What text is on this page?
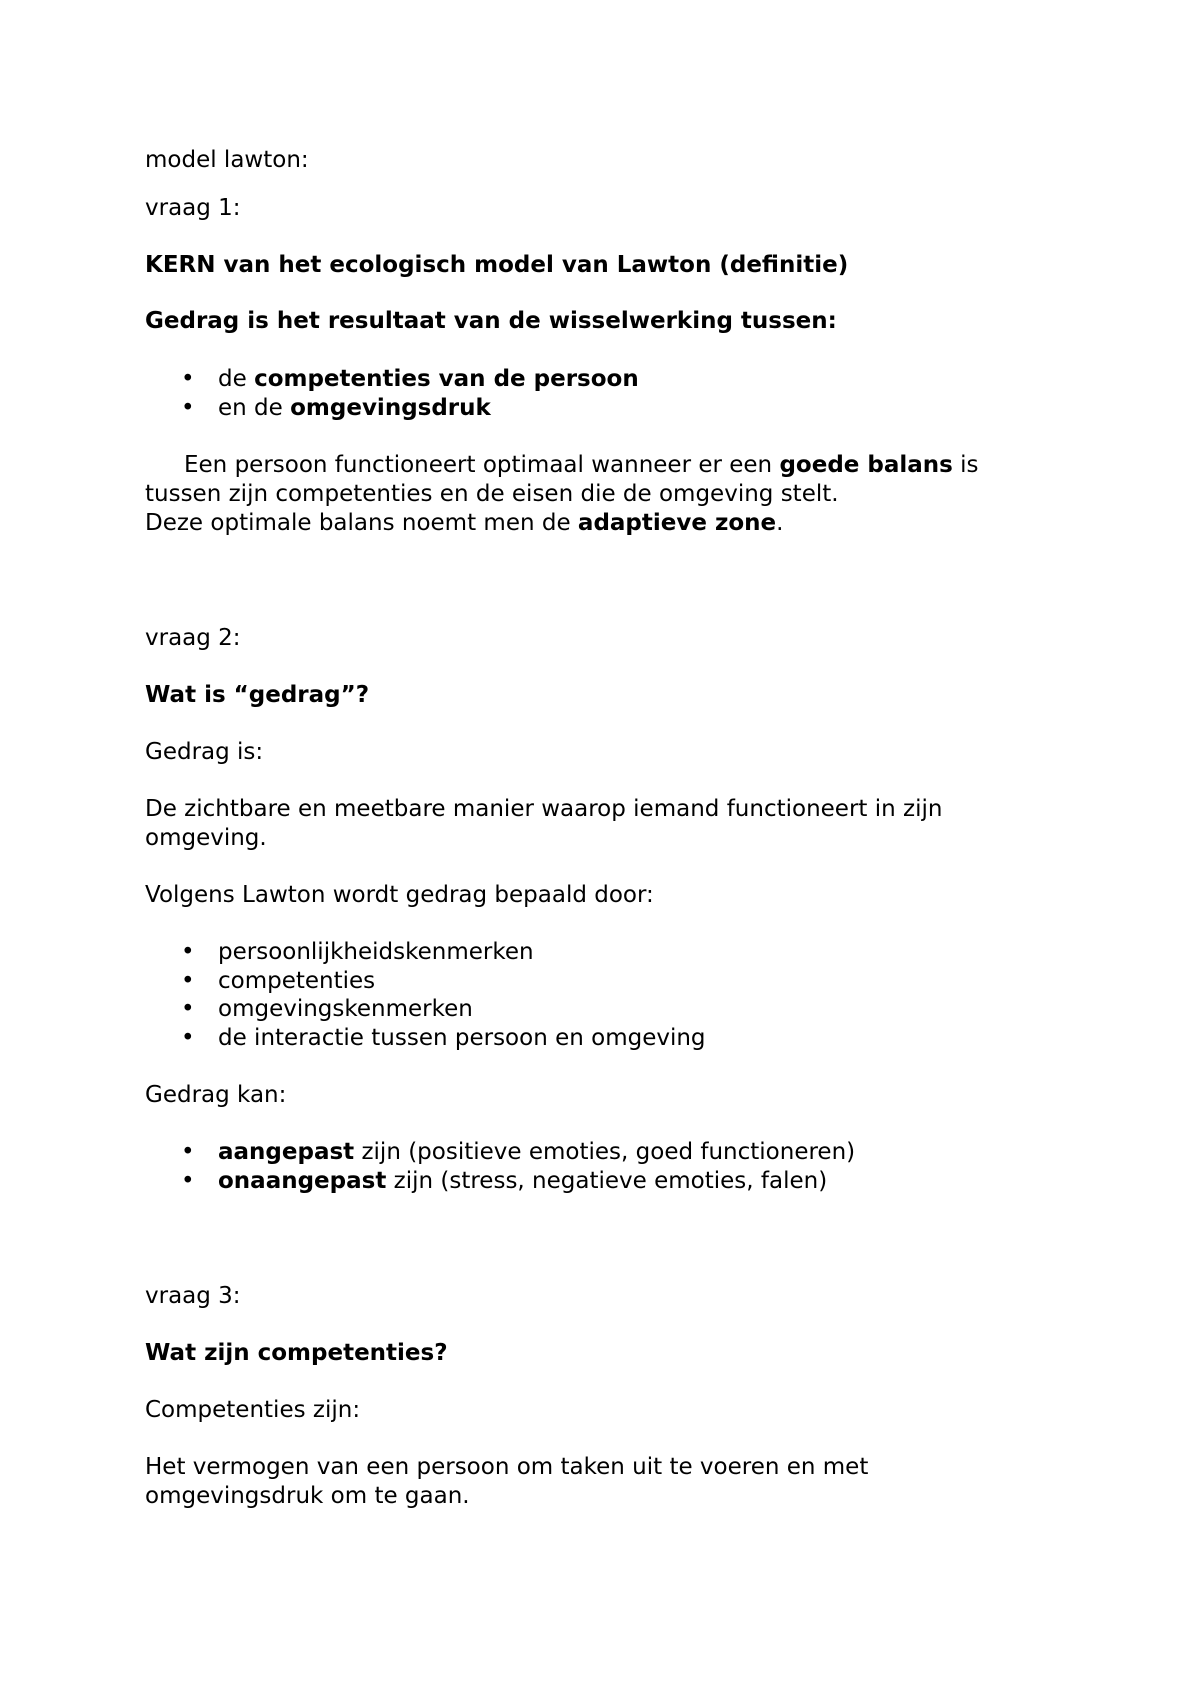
model lawton:

vraag 1:

KERN van het ecologisch model van Lawton (definitie)

Gedrag is het resultaat van de wisselwerking tussen:

• de competenties van de persoon
• en de omgevingsdruk

Een persoon functioneert optimaal wanneer er een goede balans is

tussen zijn competenties en de eisen die de omgeving stelt.

Deze optimale balans noemt men de adaptieve zone.

vraag 2:

Wat is “gedrag”?

Gedrag is:

De zichtbare en meetbare manier waarop iemand functioneert in zijn

omgeving.

Volgens Lawton wordt gedrag bepaald door:

• persoonlijkheidskenmerken
• competenties
• omgevingskenmerken
• de interactie tussen persoon en omgeving

Gedrag kan:

• aangepast zijn (positieve emoties, goed functioneren)
• onaangepast zijn (stress, negatieve emoties, falen)

vraag 3:

Wat zijn competenties?

Competenties zijn:

Het vermogen van een persoon om taken uit te voeren en met

omgevingsdruk om te gaan.
